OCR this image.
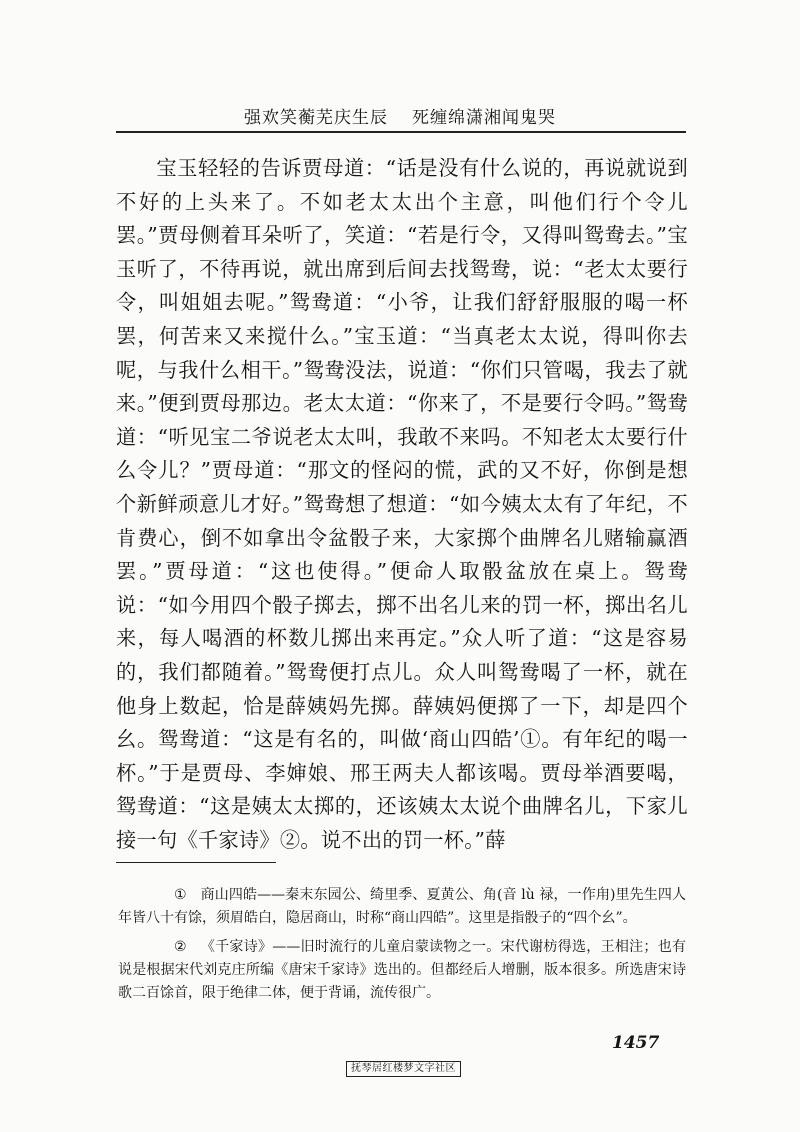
强欢笑蘅芜庆生辰 死缠绵潇湘闻鬼哭

宝玉轻轻的告诉贾母道：“话是没有什么说的，再说就说到不好的上头来了。不如老太太出个主意，叫他们行个令儿罢。”贾母侧着耳朵听了，笑道：“若是行令，又得叫鸳鸯去。”宝玉听了，不待再说，就出席到后间去找鸳鸯，说：“老太太要行令，叫姐姐去呢。”鸳鸯道：“小爷，让我们舒舒服服的喝一杯罢，何苦来又来搅什么。”宝玉道：“当真老太太说，得叫你去呢，与我什么相干。”鸳鸯没法，说道：“你们只管喝，我去了就来。”便到贾母那边。老太太道：“你来了，不是要行令吗。”鸳鸯道：“听见宝二爷说老太太叫，我敢不来吗。不知老太太要行什么令儿？”贾母道：“那文的怪闷的慌，武的又不好，你倒是想个新鲜顽意儿才好。”鸳鸯想了想道：“如今姨太太有了年纪，不肯费心，倒不如拿出令盆骰子来，大家掷个曲牌名儿赌输赢酒罢。”贾母道：“这也使得。”便命人取骰盆放在桌上。鸳鸯说：“如今用四个骰子掷去，掷不出名儿来的罚一杯，掷出名儿来，每人喝酒的杯数儿掷出来再定。”众人听了道：“这是容易的，我们都随着。”鸳鸯便打点儿。众人叫鸳鸯喝了一杯，就在他身上数起，恰是薛姨妈先掷。薛姨妈便掷了一下，却是四个幺。鸳鸯道：“这是有名的，叫做‘商山四皓’①。有年纪的喝一杯。”于是贾母、李婶娘、邢王两夫人都该喝。贾母举酒要喝，鸳鸯道：“这是姨太太掷的，还该姨太太说个曲牌名儿，下家儿接一句《千家诗》②。说不出的罚一杯。”薛

① 商山四皓——秦末东园公、绮里季、夏黄公、角(音 lù 禄，一作甪)里先生四人年皆八十有馀，须眉皓白，隐居商山，时称“商山四皓”。这里是指骰子的“四个幺”。

② 《千家诗》——旧时流行的儿童启蒙读物之一。宋代谢枋得选，王相注；也有说是根据宋代刘克庄所编《唐宋千家诗》选出的。但都经后人增删，版本很多。所选唐宋诗歌二百馀首，限于绝律二体，便于背诵，流传很广。

1457
抚琴居红楼梦文字社区
